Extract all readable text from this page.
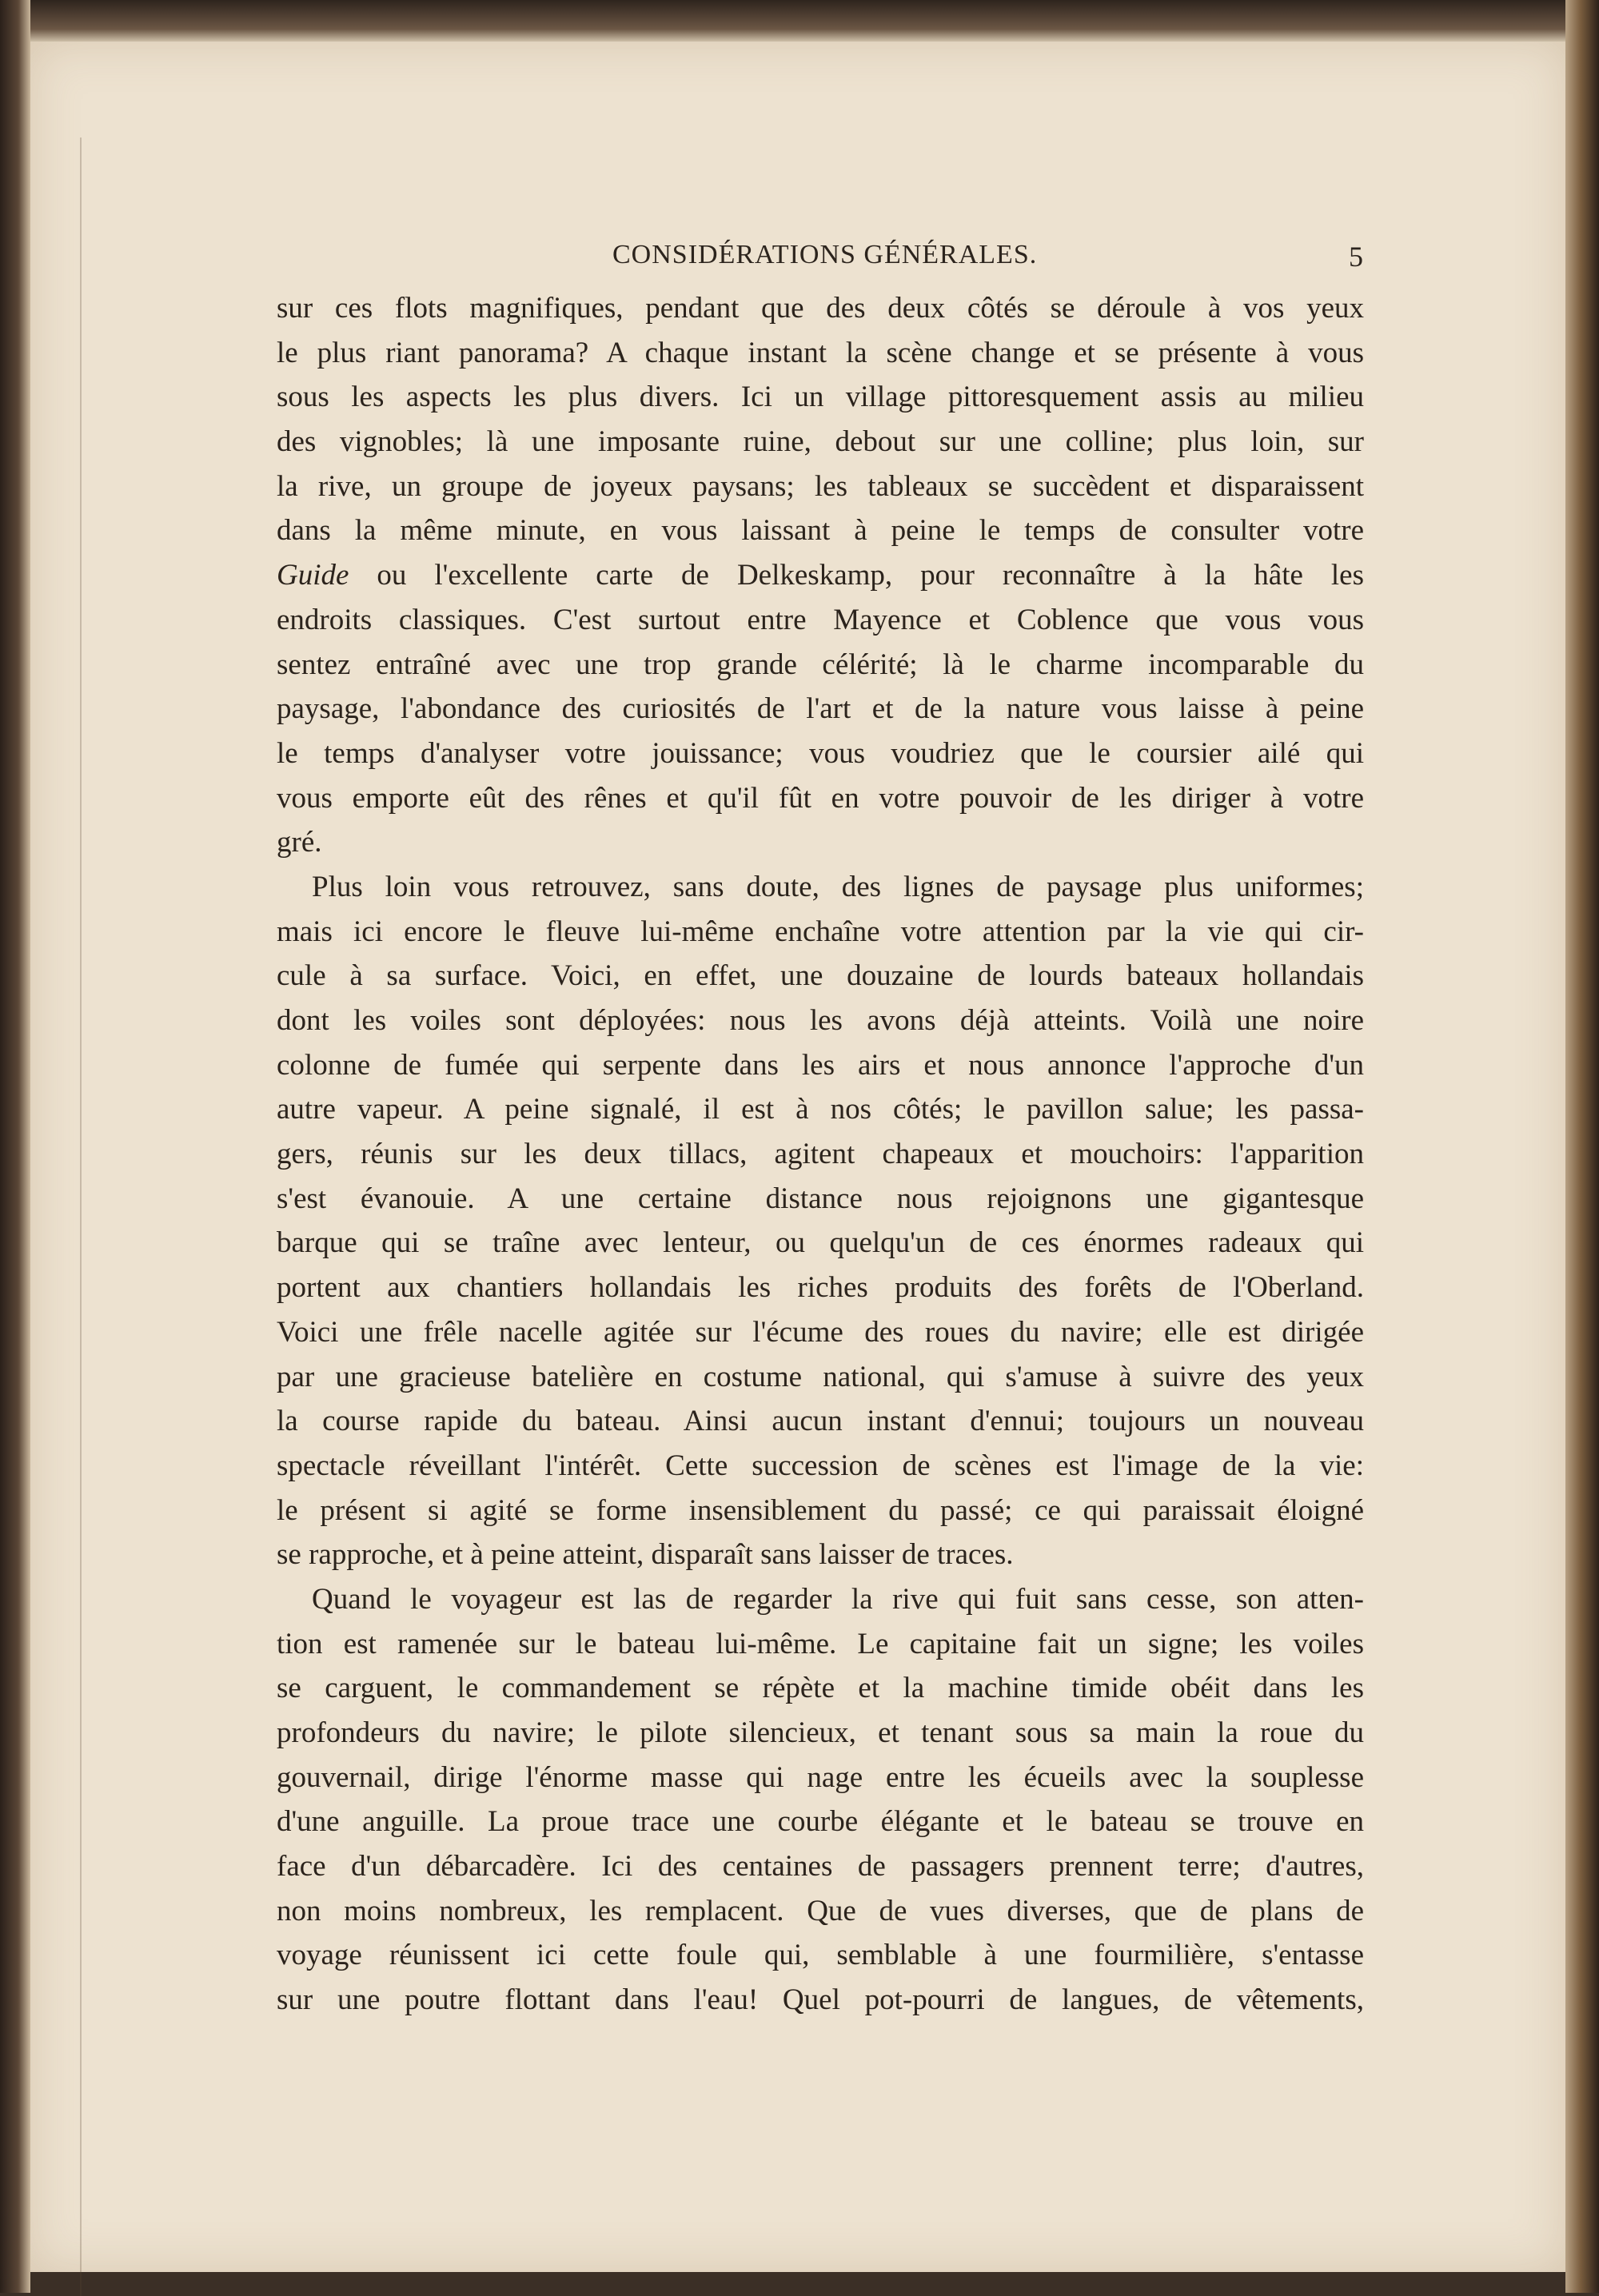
CONSIDÉRATIONS GÉNÉRALES.	5
sur ces flots magnifiques, pendant que des deux côtés se déroule à vos yeux
le plus riant panorama? A chaque instant la scène change et se présente à vous
sous les aspects les plus divers. Ici un village pittoresquement assis au milieu
des vignobles; là une imposante ruine, debout sur une colline; plus loin, sur
la rive, un groupe de joyeux paysans; les tableaux se succèdent et disparaissent
dans la même minute, en vous laissant à peine le temps de consulter votre
Guide ou l'excellente carte de Delkeskamp, pour reconnaître à la hâte les
endroits classiques. C'est surtout entre Mayence et Coblence que vous vous
sentez entraîné avec une trop grande célérité; là le charme incomparable du
paysage, l'abondance des curiosités de l'art et de la nature vous laisse à peine
le temps d'analyser votre jouissance; vous voudriez que le coursier ailé qui
vous emporte eût des rênes et qu'il fût en votre pouvoir de les diriger à votre
gré.
Plus loin vous retrouvez, sans doute, des lignes de paysage plus uniformes;
mais ici encore le fleuve lui-même enchaîne votre attention par la vie qui cir-
cule à sa surface. Voici, en effet, une douzaine de lourds bateaux hollandais
dont les voiles sont déployées: nous les avons déjà atteints. Voilà une noire
colonne de fumée qui serpente dans les airs et nous annonce l'approche d'un
autre vapeur. A peine signalé, il est à nos côtés; le pavillon salue; les passa-
gers, réunis sur les deux tillacs, agitent chapeaux et mouchoirs: l'apparition
s'est évanouie. A une certaine distance nous rejoignons une gigantesque
barque qui se traîne avec lenteur, ou quelqu'un de ces énormes radeaux qui
portent aux chantiers hollandais les riches produits des forêts de l'Oberland.
Voici une frêle nacelle agitée sur l'écume des roues du navire; elle est dirigée
par une gracieuse batelière en costume national, qui s'amuse à suivre des yeux
la course rapide du bateau. Ainsi aucun instant d'ennui; toujours un nouveau
spectacle réveillant l'intérêt. Cette succession de scènes est l'image de la vie:
le présent si agité se forme insensiblement du passé; ce qui paraissait éloigné
se rapproche, et à peine atteint, disparaît sans laisser de traces.
Quand le voyageur est las de regarder la rive qui fuit sans cesse, son atten-
tion est ramenée sur le bateau lui-même. Le capitaine fait un signe; les voiles
se carguent, le commandement se répète et la machine timide obéit dans les
profondeurs du navire; le pilote silencieux, et tenant sous sa main la roue du
gouvernail, dirige l'énorme masse qui nage entre les écueils avec la souplesse
d'une anguille. La proue trace une courbe élégante et le bateau se trouve en
face d'un débarcadère. Ici des centaines de passagers prennent terre; d'autres,
non moins nombreux, les remplacent. Que de vues diverses, que de plans de
voyage réunissent ici cette foule qui, semblable à une fourmilière, s'entasse
sur une poutre flottant dans l'eau! Quel pot-pourri de langues, de vêtements,
